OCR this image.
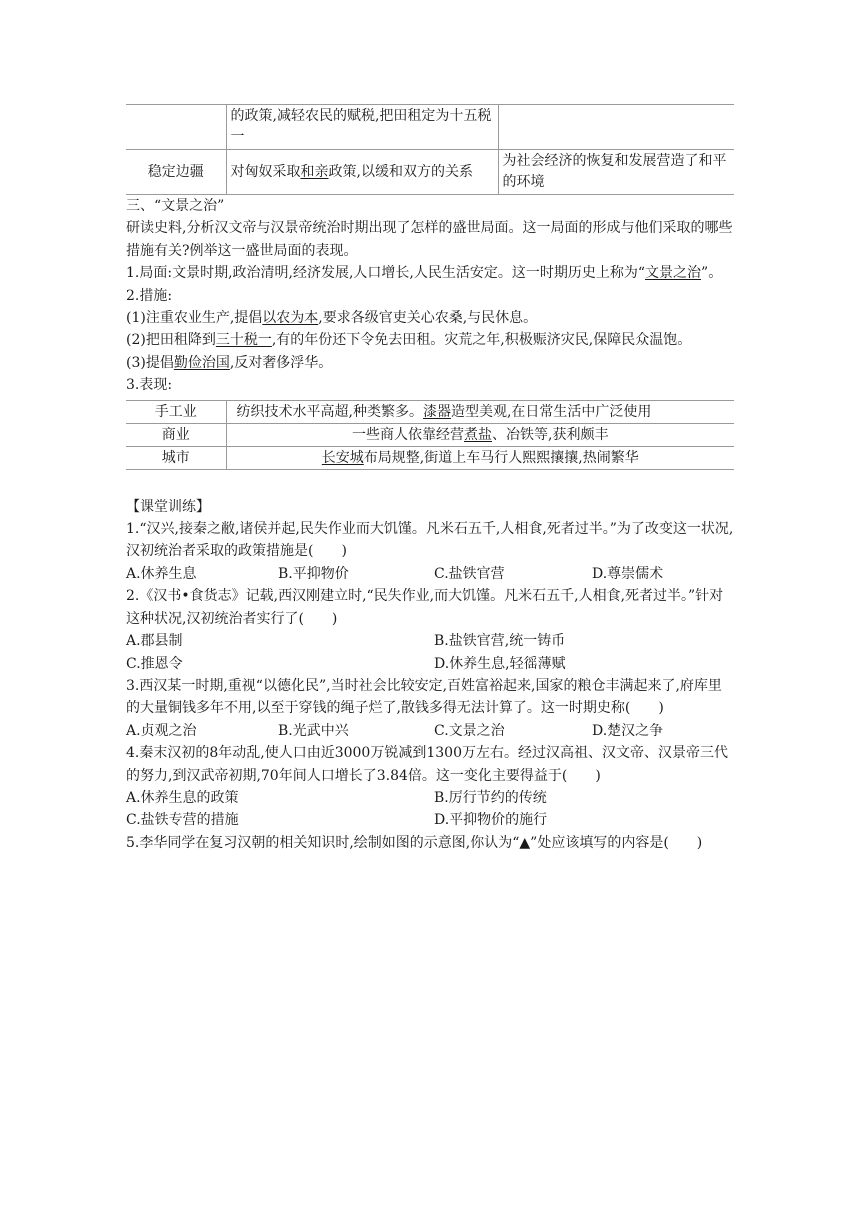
	的政策,减轻农民的赋税,把田租定为十五税一	
稳定边疆	对匈奴采取和亲政策,以缓和双方的关系	为社会经济的恢复和发展营造了和平的环境
三、“文景之治”
研读史料,分析汉文帝与汉景帝统治时期出现了怎样的盛世局面。这一局面的形成与他们采取的哪些措施有关?例举这一盛世局面的表现。
1.局面:文景时期,政治清明,经济发展,人口增长,人民生活安定。这一时期历史上称为“文景之治”。
2.措施:
(1)注重农业生产,提倡以农为本,要求各级官吏关心农桑,与民休息。
(2)把田租降到三十税一,有的年份还下令免去田租。灾荒之年,积极赈济灾民,保障民众温饱。
(3)提倡勤俭治国,反对奢侈浮华。
3.表现:
手工业	纺织技术水平高超,种类繁多。漆器造型美观,在日常生活中广泛使用
商业	一些商人依靠经营煮盐、冶铁等,获利颇丰
城市	长安城布局规整,街道上车马行人熙熙攘攘,热闹繁华
【课堂训练】
1.“汉兴,接秦之敝,诸侯并起,民失作业而大饥馑。凡米石五千,人相食,死者过半。”为了改变这一状况,汉初统治者采取的政策措施是(　　)
A.休养生息	B.平抑物价	C.盐铁官营	D.尊崇儒术
2.《汉书•食货志》记载,西汉刚建立时,“民失作业,而大饥馑。凡米石五千,人相食,死者过半。”针对这种状况,汉初统治者实行了(　　)
A.郡县制	B.盐铁官营,统一铸币
C.推恩令	D.休养生息,轻徭薄赋
3.西汉某一时期,重视“以德化民”,当时社会比较安定,百姓富裕起来,国家的粮仓丰满起来了,府库里的大量铜钱多年不用,以至于穿钱的绳子烂了,散钱多得无法计算了。这一时期史称(　　)
A.贞观之治	B.光武中兴	C.文景之治	D.楚汉之争
4.秦末汉初的8年动乱,使人口由近3000万锐减到1300万左右。经过汉高祖、汉文帝、汉景帝三代的努力,到汉武帝初期,70年间人口增长了3.84倍。这一变化主要得益于(　　)
A.休养生息的政策	B.厉行节约的传统
C.盐铁专营的措施	D.平抑物价的施行
5.李华同学在复习汉朝的相关知识时,绘制如图的示意图,你认为“▲”处应该填写的内容是(　　)
